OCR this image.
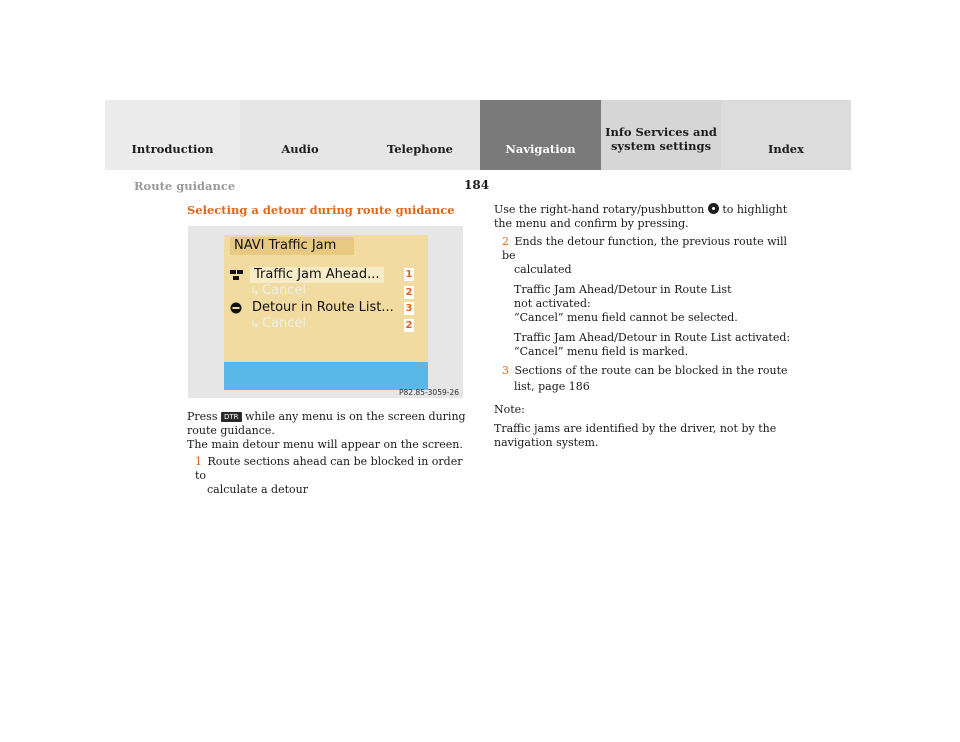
Introduction	Audio	Telephone	Navigation
Info Services and
system settings	Index
Route guidance	184
Selecting a detour during route guidance
NAVI Traffic Jam
Traffic Jam Ahead...
↳ Cancel
Detour in Route List...
↳ Cancel
1
2
3
2
P82.85-3059-26
Press DTR while any menu is on the screen during
route guidance.
The main detour menu will appear on the screen.
1 Route sections ahead can be blocked in order to
calculate a detour
Use the right-hand rotary/pushbutton to highlight
the menu and confirm by pressing.
2 Ends the detour function, the previous route will be
calculated
Traffic Jam Ahead/Detour in Route List
not activated:
“Cancel” menu field cannot be selected.
Traffic Jam Ahead/Detour in Route List activated:
“Cancel” menu field is marked.
3 Sections of the route can be blocked in the route
list, page 186
Note:
Traffic jams are identified by the driver, not by the
navigation system.
